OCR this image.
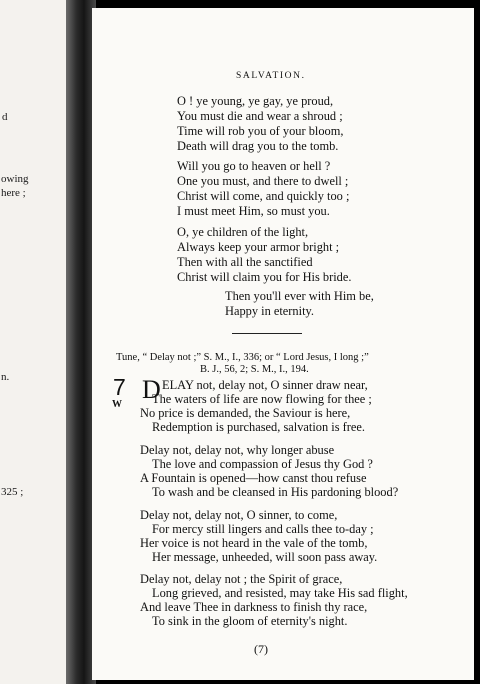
d
owing
here ;
n.
325 ;
SALVATION.
O ! ye young, ye gay, ye proud,
You must die and wear a shroud ;
Time will rob you of your bloom,
Death will drag you to the tomb.
Will you go to heaven or hell ?
One you must, and there to dwell ;
Christ will come, and quickly too ;
I must meet Him, so must you.
O, ye children of the light,
Always keep your armor bright ;
Then with all the sanctified
Christ will claim you for His bride.
Then you'll ever with Him be,
Happy in eternity.
Tune, “ Delay not ;” S. M., I., 336; or “ Lord Jesus, I long ;”
B. J., 56, 2; S. M., I., 194.
7
W
D ELAY not, delay not, O sinner draw near,
The waters of life are now flowing for thee ;
No price is demanded, the Saviour is here,
Redemption is purchased, salvation is free.
Delay not, delay not, why longer abuse
The love and compassion of Jesus thy God ?
A Fountain is opened—how canst thou refuse
To wash and be cleansed in His pardoning blood?
Delay not, delay not, O sinner, to come,
For mercy still lingers and calls thee to-day ;
Her voice is not heard in the vale of the tomb,
Her message, unheeded, will soon pass away.
Delay not, delay not ; the Spirit of grace,
Long grieved, and resisted, may take His sad flight,
And leave Thee in darkness to finish thy race,
To sink in the gloom of eternity's night.
(7)
